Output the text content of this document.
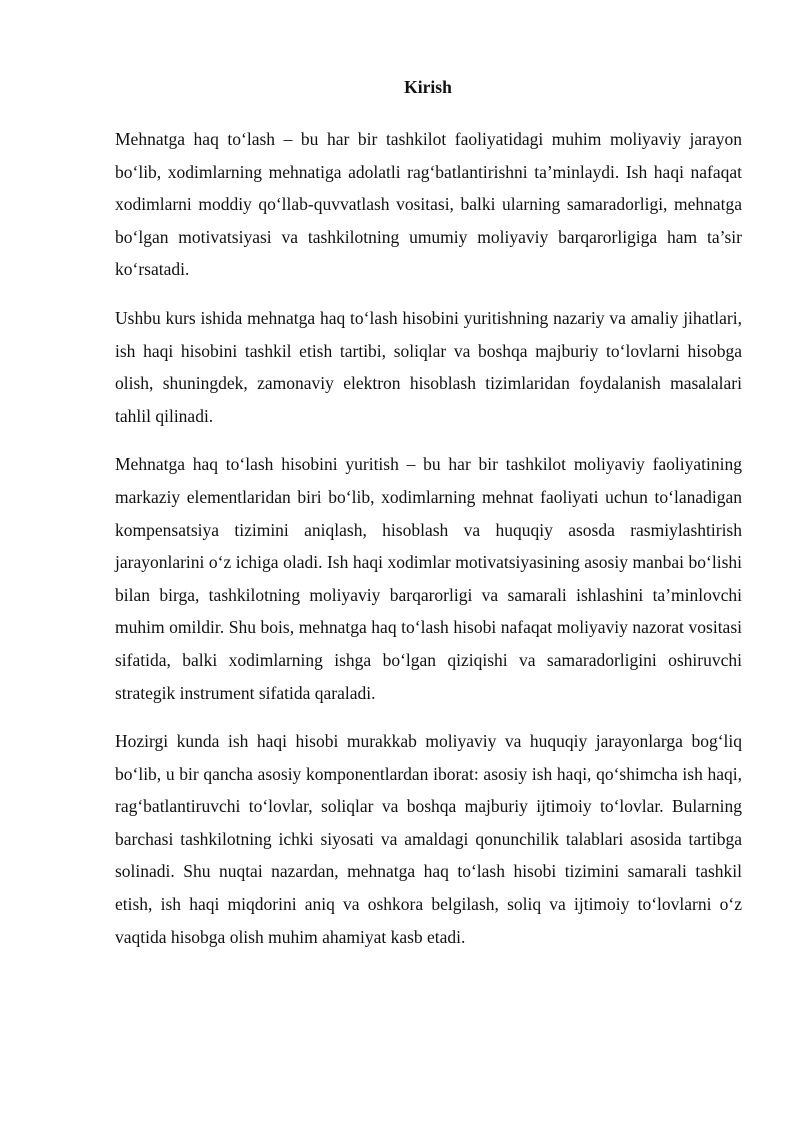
Kirish

Mehnatga haq to‘lash – bu har bir tashkilot faoliyatidagi muhim moliyaviy jarayon bo‘lib, xodimlarning mehnatiga adolatli rag‘batlantirishni ta’minlaydi. Ish haqi nafaqat xodimlarni moddiy qo‘llab-quvvatlash vositasi, balki ularning samaradorligi, mehnatga bo‘lgan motivatsiyasi va tashkilotning umumiy moliyaviy barqarorligiga ham ta’sir ko‘rsatadi.

Ushbu kurs ishida mehnatga haq to‘lash hisobini yuritishning nazariy va amaliy jihatlari, ish haqi hisobini tashkil etish tartibi, soliqlar va boshqa majburiy to‘lovlarni hisobga olish, shuningdek, zamonaviy elektron hisoblash tizimlaridan foydalanish masalalari tahlil qilinadi.

Mehnatga haq to‘lash hisobini yuritish – bu har bir tashkilot moliyaviy faoliyatining markaziy elementlaridan biri bo‘lib, xodimlarning mehnat faoliyati uchun to‘lanadigan kompensatsiya tizimini aniqlash, hisoblash va huquqiy asosda rasmiylashtirish jarayonlarini o‘z ichiga oladi. Ish haqi xodimlar motivatsiyasining asosiy manbai bo‘lishi bilan birga, tashkilotning moliyaviy barqarorligi va samarali ishlashini ta’minlovchi muhim omildir. Shu bois, mehnatga haq to‘lash hisobi nafaqat moliyaviy nazorat vositasi sifatida, balki xodimlarning ishga bo‘lgan qiziqishi va samaradorligini oshiruvchi strategik instrument sifatida qaraladi.

Hozirgi kunda ish haqi hisobi murakkab moliyaviy va huquqiy jarayonlarga bog‘liq bo‘lib, u bir qancha asosiy komponentlardan iborat: asosiy ish haqi, qo‘shimcha ish haqi, rag‘batlantiruvchi to‘lovlar, soliqlar va boshqa majburiy ijtimoiy to‘lovlar. Bularning barchasi tashkilotning ichki siyosati va amaldagi qonunchilik talablari asosida tartibga solinadi. Shu nuqtai nazardan, mehnatga haq to‘lash hisobi tizimini samarali tashkil etish, ish haqi miqdorini aniq va oshkora belgilash, soliq va ijtimoiy to‘lovlarni o‘z vaqtida hisobga olish muhim ahamiyat kasb etadi.
